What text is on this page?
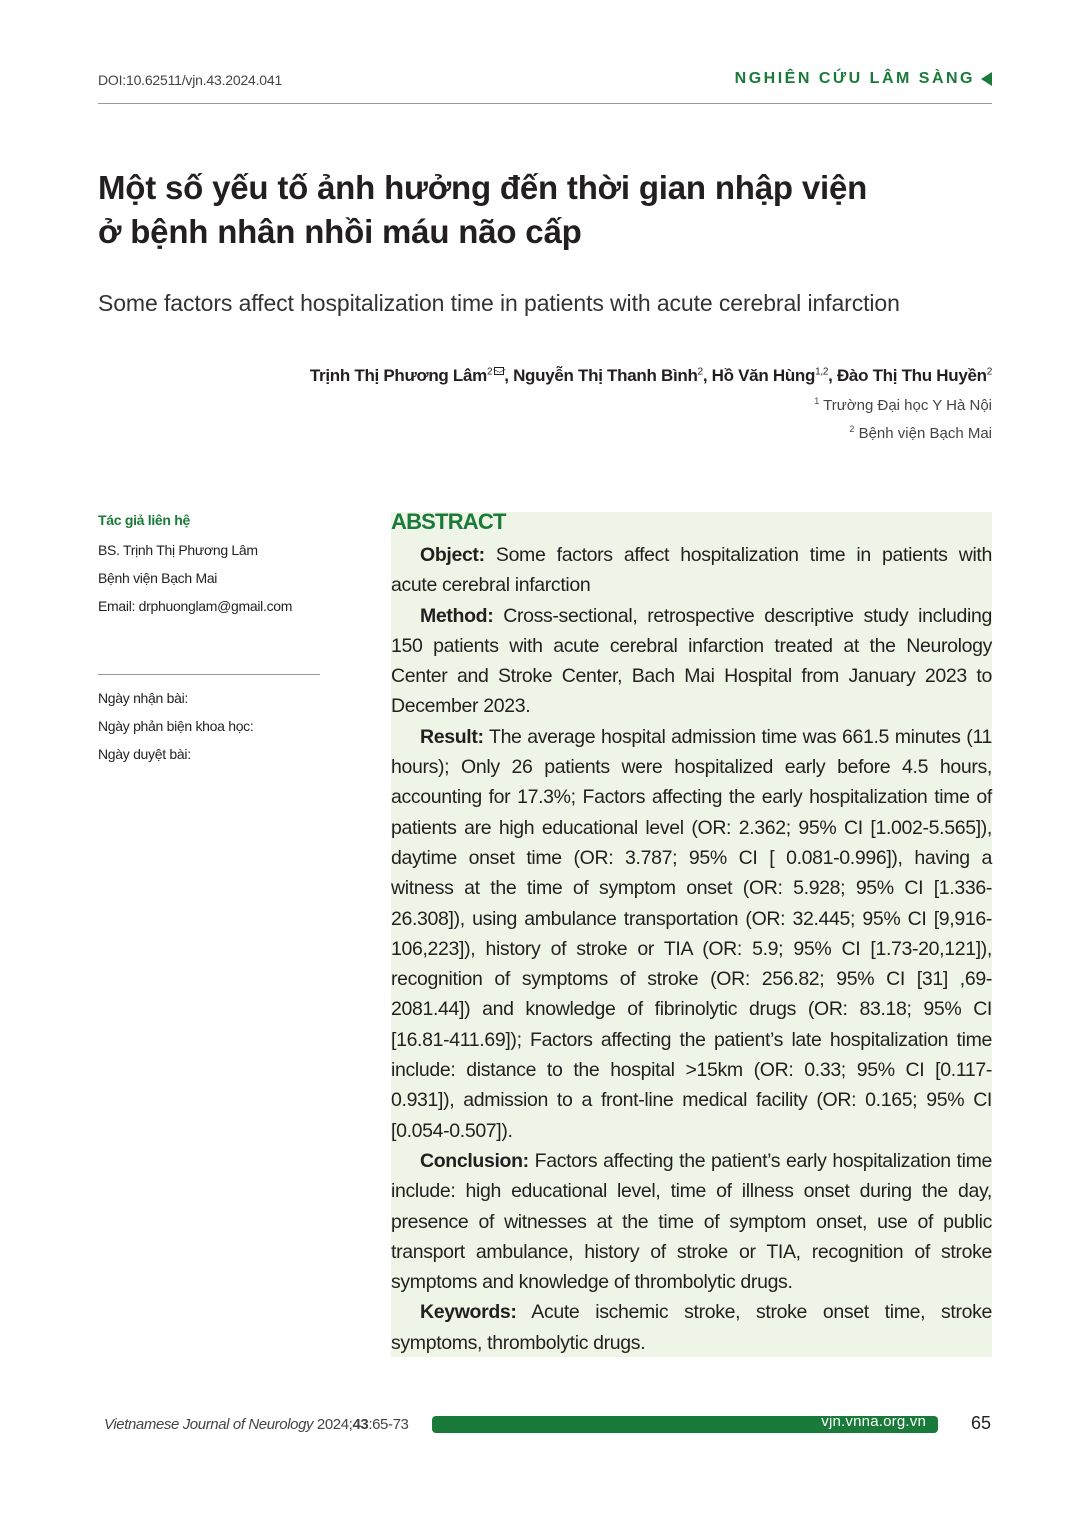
DOI:10.62511/vjn.43.2024.041	NGHIÊN CỨU LÂM SÀNG
Một số yếu tố ảnh hưởng đến thời gian nhập viện
ở bệnh nhân nhồi máu não cấp
Some factors affect hospitalization time in patients with acute cerebral infarction
Trịnh Thị Phương Lâm$^2$ , Nguyễn Thị Thanh Bình$^2$, Hồ Văn Hùng$^{1,2}$, Đào Thị Thu Huyền$^2$
$^1$ Trường Đại học Y Hà Nội
$^2$ Bệnh viện Bạch Mai
Tác giả liên hệ
BS. Trịnh Thị Phương Lâm
Bệnh viện Bạch Mai
Email: drphuonglam@gmail.com
Ngày nhận bài:
Ngày phản biện khoa học:
Ngày duyệt bài:
ABSTRACT

Object: Some factors affect hospitalization time in patients with acute cerebral infarction

Method: Cross-sectional, retrospective descriptive study including 150 patients with acute cerebral infarction treated at the Neurology Center and Stroke Center, Bach Mai Hospital from January 2023 to December 2023.

Result: The average hospital admission time was 661.5 minutes (11 hours); Only 26 patients were hospitalized early before 4.5 hours, accounting for 17.3%; Factors affecting the early hospitalization time of patients are high educational level (OR: 2.362; 95% CI [1.002-5.565]), daytime onset time (OR: 3.787; 95% CI [ 0.081-0.996]), having a witness at the time of symptom onset (OR: 5.928; 95% CI [1.336-26.308]), using ambulance transportation (OR: 32.445; 95% CI [9,916-106,223]), history of stroke or TIA (OR: 5.9; 95% CI [1.73-20,121]), recognition of symptoms of stroke (OR: 256.82; 95% CI [31] ,69-2081.44]) and knowledge of fibrinolytic drugs (OR: 83.18; 95% CI [16.81-411.69]); Factors affecting the patient’s late hospitalization time include: distance to the hospital >15km (OR: 0.33; 95% CI [0.117-0.931]), admission to a front-line medical facility (OR: 0.165; 95% CI [0.054-0.507]).

Conclusion: Factors affecting the patient’s early hospitalization time include: high educational level, time of illness onset during the day, presence of witnesses at the time of symptom onset, use of public transport ambulance, history of stroke or TIA, recognition of stroke symptoms and knowledge of thrombolytic drugs.

Keywords: Acute ischemic stroke, stroke onset time, stroke symptoms, thrombolytic drugs.

Vietnamese Journal of Neurology 2024;43:65-73	vjn.vnna.org.vn 65
